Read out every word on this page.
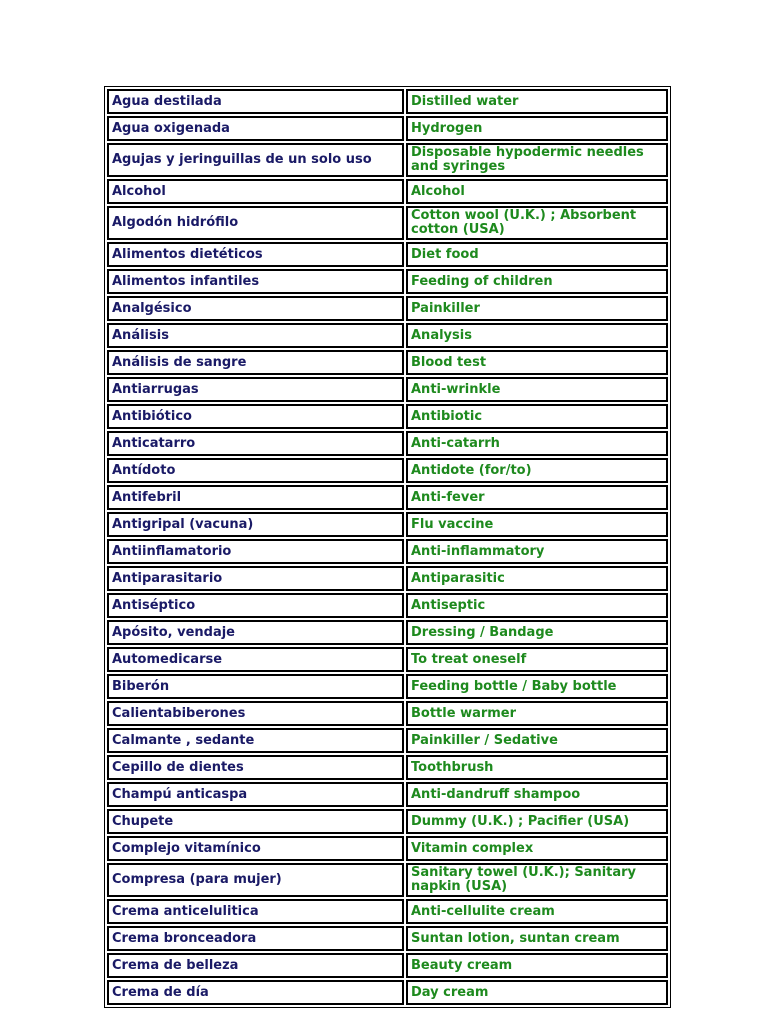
Agua destilada	Distilled water
Agua oxigenada	Hydrogen
Agujas y jeringuillas de un solo uso	Disposable hypodermic needles and syringes
Alcohol	Alcohol
Algodón hidrófilo	Cotton wool (U.K.) ; Absorbent cotton (USA)
Alimentos dietéticos	Diet food
Alimentos infantiles	Feeding of children
Analgésico	Painkiller
Análisis	Analysis
Análisis de sangre	Blood test
Antiarrugas	Anti-wrinkle
Antibiótico	Antibiotic
Anticatarro	Anti-catarrh
Antídoto	Antidote (for/to)
Antifebril	Anti-fever
Antigripal (vacuna)	Flu vaccine
Antiinflamatorio	Anti-inflammatory
Antiparasitario	Antiparasitic
Antiséptico	Antiseptic
Apósito, vendaje	Dressing / Bandage
Automedicarse	To treat oneself
Biberón	Feeding bottle / Baby bottle
Calientabiberones	Bottle warmer
Calmante , sedante	Painkiller / Sedative
Cepillo de dientes	Toothbrush
Champú anticaspa	Anti-dandruff shampoo
Chupete	Dummy (U.K.) ; Pacifier (USA)
Complejo vitamínico	Vitamin complex
Compresa (para mujer)	Sanitary towel (U.K.); Sanitary napkin (USA)
Crema anticelulitica	Anti-cellulite cream
Crema bronceadora	Suntan lotion, suntan cream
Crema de belleza	Beauty cream
Crema de día	Day cream
